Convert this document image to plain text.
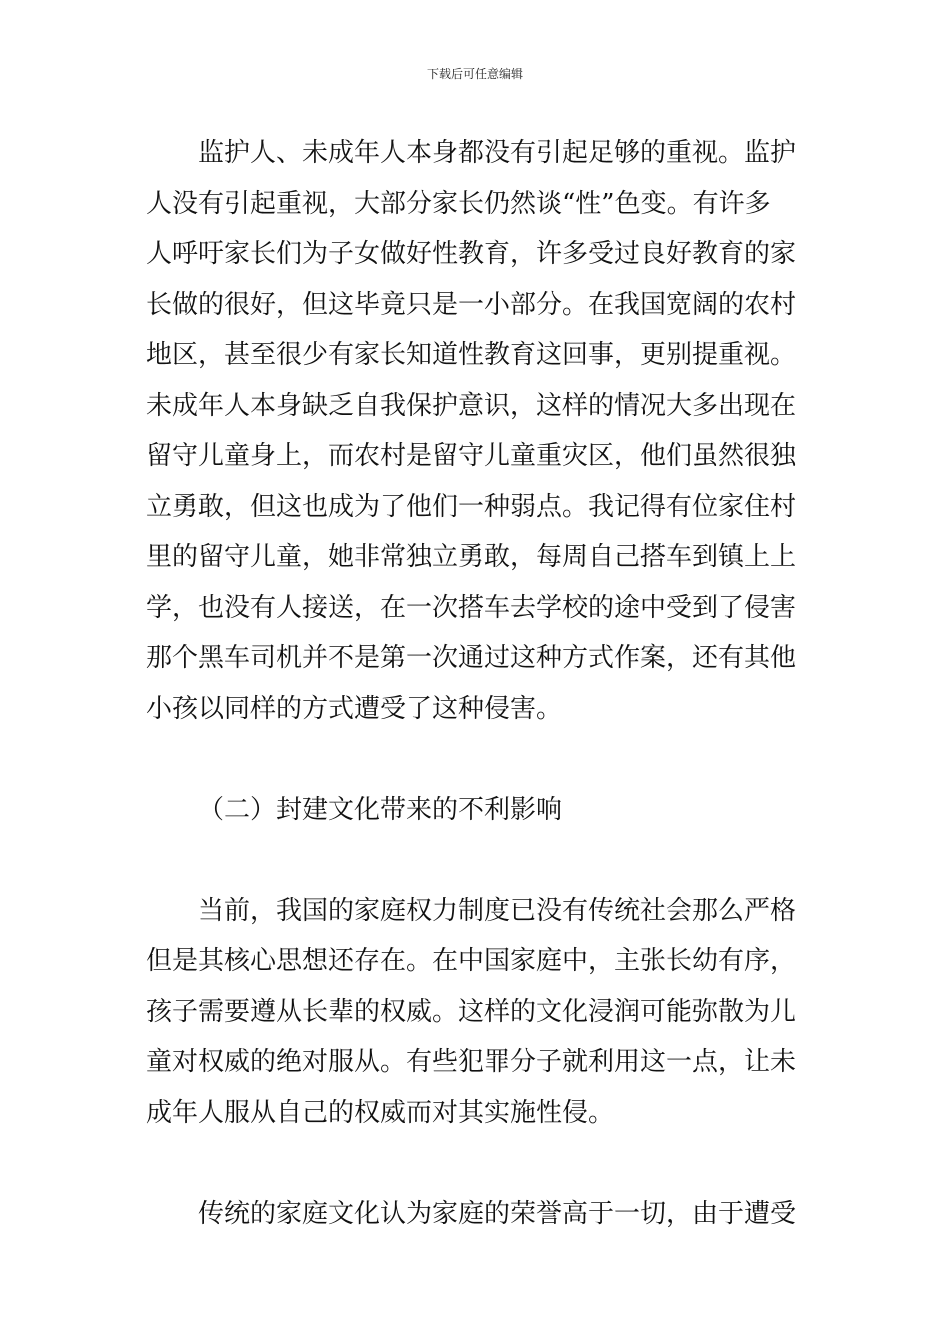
下载后可任意编辑
监护人、未成年人本身都没有引起足够的重视。监护
人没有引起重视，大部分家长仍然谈“性”色变。有许多
人呼吁家长们为子女做好性教育，许多受过良好教育的家
长做的很好，但这毕竟只是一小部分。在我国宽阔的农村
地区，甚至很少有家长知道性教育这回事，更别提重视。
未成年人本身缺乏自我保护意识，这样的情况大多出现在
留守儿童身上，而农村是留守儿童重灾区，他们虽然很独
立勇敢，但这也成为了他们一种弱点。我记得有位家住村
里的留守儿童，她非常独立勇敢，每周自己搭车到镇上上
学，也没有人接送，在一次搭车去学校的途中受到了侵害
那个黑车司机并不是第一次通过这种方式作案，还有其他
小孩以同样的方式遭受了这种侵害。
（二）封建文化带来的不利影响
当前，我国的家庭权力制度已没有传统社会那么严格
但是其核心思想还存在。在中国家庭中，主张长幼有序，
孩子需要遵从长辈的权威。这样的文化浸润可能弥散为儿
童对权威的绝对服从。有些犯罪分子就利用这一点，让未
成年人服从自己的权威而对其实施性侵。
传统的家庭文化认为家庭的荣誉高于一切，由于遭受
